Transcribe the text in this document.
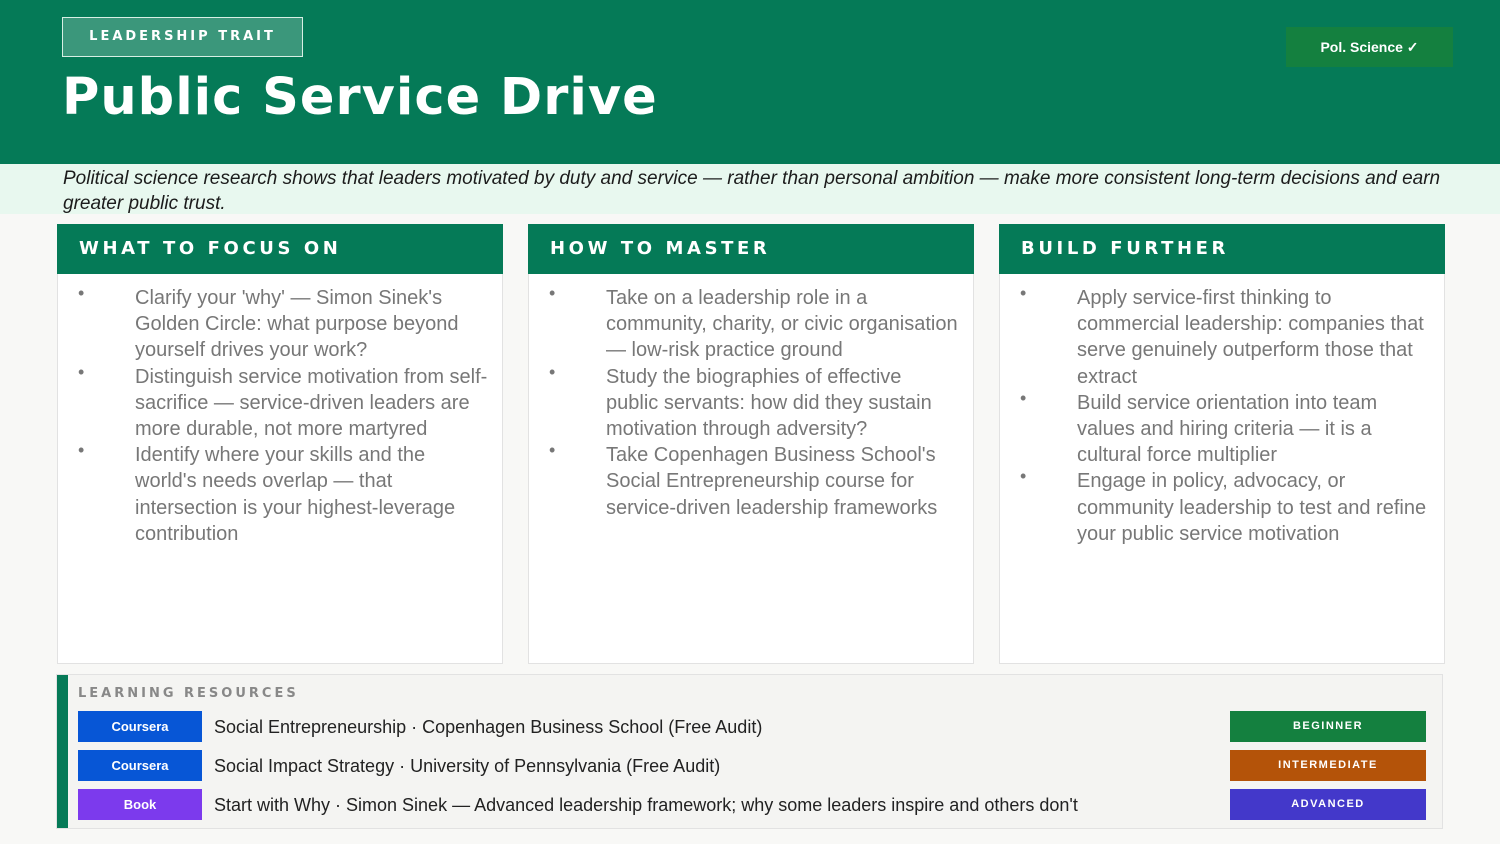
LEADERSHIP TRAIT
Public Service Drive
Pol. Science ✓
Political science research shows that leaders motivated by duty and service — rather than personal ambition — make more consistent long-term decisions and earn greater public trust.
WHAT TO FOCUS ON
•	Clarify your 'why' — Simon Sinek's Golden Circle: what purpose beyond yourself drives your work?
•	Distinguish service motivation from self-sacrifice — service-driven leaders are more durable, not more martyred
•	Identify where your skills and the world's needs overlap — that intersection is your highest-leverage contribution
HOW TO MASTER
•	Take on a leadership role in a community, charity, or civic organisation — low-risk practice ground
•	Study the biographies of effective public servants: how did they sustain motivation through adversity?
•	Take Copenhagen Business School's Social Entrepreneurship course for service-driven leadership frameworks
BUILD FURTHER
•	Apply service-first thinking to commercial leadership: companies that serve genuinely outperform those that extract
•	Build service orientation into team values and hiring criteria — it is a cultural force multiplier
•	Engage in policy, advocacy, or community leadership to test and refine your public service motivation
LEARNING RESOURCES
Coursera	Social Entrepreneurship · Copenhagen Business School (Free Audit)	BEGINNER
Coursera	Social Impact Strategy · University of Pennsylvania (Free Audit)	INTERMEDIATE
Book	Start with Why · Simon Sinek — Advanced leadership framework; why some leaders inspire and others don't	ADVANCED
